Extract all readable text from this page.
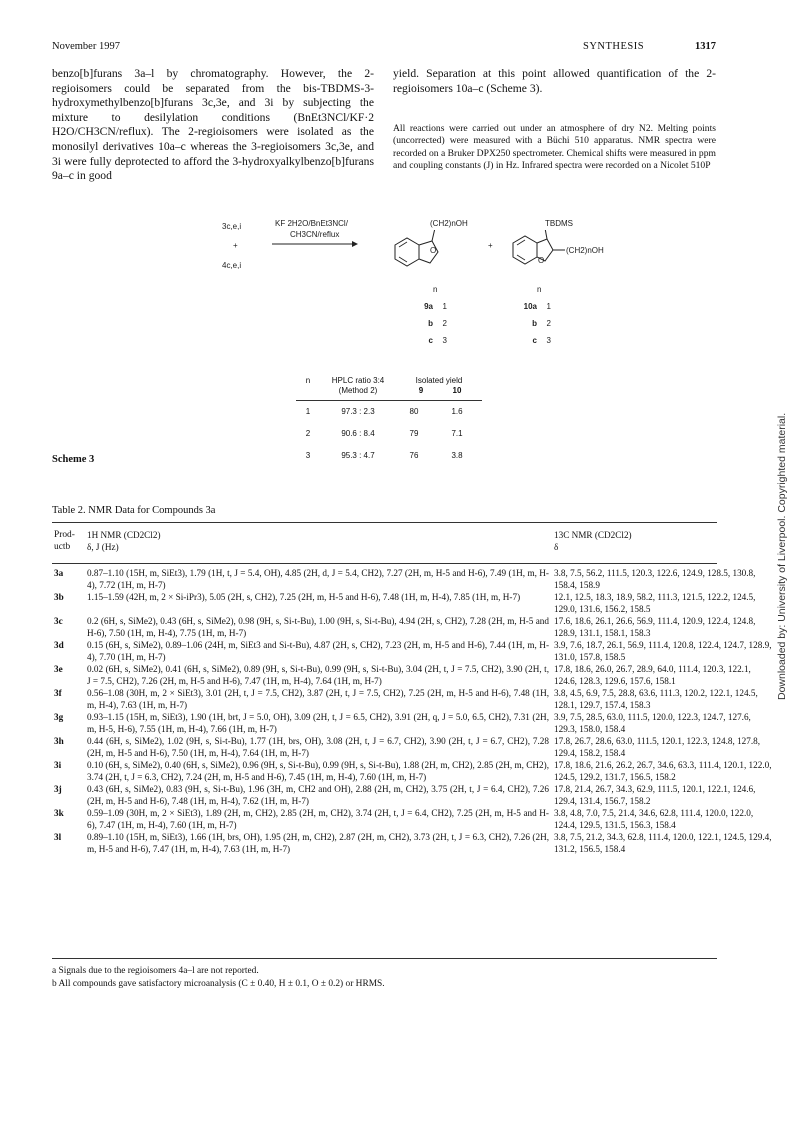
November 1997	SYNTHESIS	1317

benzo[b]furans 3a–l by chromatography. However, the 2-regioisomers could be separated from the bis-TBDMS-3-hydroxymethylbenzo[b]furans 3c,3e, and 3i by subjecting the mixture to desilylation conditions (BnEt3NCl/KF·2 H2O/CH3CN/reflux). The 2-regioisomers were isolated as the monosilyl derivatives 10a–c whereas the 3-regioisomers 3c,3e, and 3i were fully deprotected to afford the 3-hydroxyalkylbenzo[b]furans 9a–c in good

yield. Separation at this point allowed quantification of the 2-regioisomers 10a–c (Scheme 3).

All reactions were carried out under an atmosphere of dry N2. Melting points (uncorrected) were measured with a Büchi 510 apparatus. NMR spectra were recorded on a Bruker DPX250 spectrometer. Chemical shifts were measured in ppm and coupling constants (J) in Hz. Infrared spectra were recorded on a Nicolet 510P
3c,e,i
+
4c,e,i
KF 2H2O/BnEt3NCl/
CH3CN/reflux
O
(CH2)nOH
+
TBDMS
O
(CH2)nOH
n
9a 1
b 2
c 3
n
10a 1
b 2
c 3
n	HPLC ratio 3:4
(Method 2)	Isolated yield
9 10	

1	97.3 : 2.3	80	1.6
2	90.6 : 8.4	79	7.1
3	95.3 : 4.7	76	3.8
Scheme 3
Table 2. NMR Data for Compounds 3a
Prod-uctb	1H NMR (CD2Cl2)
δ, J (Hz)	13C NMR (CD2Cl2)
δ
3a	0.87–1.10 (15H, m, SiEt3), 1.79 (1H, t, J = 5.4, OH), 4.85 (2H, d, J = 5.4, CH2), 7.27 (2H, m, H-5 and H-6), 7.49 (1H, m, H-4), 7.72 (1H, m, H-7)	3.8, 7.5, 56.2, 111.5, 120.3, 122.6, 124.9, 128.5, 130.8, 158.4, 158.9
3b	1.15–1.59 (42H, m, 2 × Si-iPr3), 5.05 (2H, s, CH2), 7.25 (2H, m, H-5 and H-6), 7.48 (1H, m, H-4), 7.85 (1H, m, H-7)	12.1, 12.5, 18.3, 18.9, 58.2, 111.3, 121.5, 122.2, 124.5, 129.0, 131.6, 156.2, 158.5
3c	0.2 (6H, s, SiMe2), 0.43 (6H, s, SiMe2), 0.98 (9H, s, Si-t-Bu), 1.00 (9H, s, Si-t-Bu), 4.94 (2H, s, CH2), 7.28 (2H, m, H-5 and H-6), 7.50 (1H, m, H-4), 7.75 (1H, m, H-7)	17.6, 18.6, 26.1, 26.6, 56.9, 111.4, 120.9, 122.4, 124.8, 128.9, 131.1, 158.1, 158.3
3d	0.15 (6H, s, SiMe2), 0.89–1.06 (24H, m, SiEt3 and Si-t-Bu), 4.87 (2H, s, CH2), 7.23 (2H, m, H-5 and H-6), 7.44 (1H, m, H-4), 7.70 (1H, m, H-7)	3.9, 7.6, 18.7, 26.1, 56.9, 111.4, 120.8, 122.4, 124.7, 128.9, 131.0, 157.8, 158.5
3e	0.02 (6H, s, SiMe2), 0.41 (6H, s, SiMe2), 0.89 (9H, s, Si-t-Bu), 0.99 (9H, s, Si-t-Bu), 3.04 (2H, t, J = 7.5, CH2), 3.90 (2H, t, J = 7.5, CH2), 7.26 (2H, m, H-5 and H-6), 7.47 (1H, m, H-4), 7.64 (1H, m, H-7)	17.8, 18.6, 26.0, 26.7, 28.9, 64.0, 111.4, 120.3, 122.1, 124.6, 128.3, 129.6, 157.6, 158.1
3f	0.56–1.08 (30H, m, 2 × SiEt3), 3.01 (2H, t, J = 7.5, CH2), 3.87 (2H, t, J = 7.5, CH2), 7.25 (2H, m, H-5 and H-6), 7.48 (1H, m, H-4), 7.63 (1H, m, H-7)	3.8, 4.5, 6.9, 7.5, 28.8, 63.6, 111.3, 120.2, 122.1, 124.5, 128.1, 129.7, 157.4, 158.3
3g	0.93–1.15 (15H, m, SiEt3), 1.90 (1H, brt, J = 5.0, OH), 3.09 (2H, t, J = 6.5, CH2), 3.91 (2H, q, J = 5.0, 6.5, CH2), 7.31 (2H, m, H-5, H-6), 7.55 (1H, m, H-4), 7.66 (1H, m, H-7)	3.9, 7.5, 28.5, 63.0, 111.5, 120.0, 122.3, 124.7, 127.6, 129.3, 158.0, 158.4
3h	0.44 (6H, s, SiMe2), 1.02 (9H, s, Si-t-Bu), 1.77 (1H, brs, OH), 3.08 (2H, t, J = 6.7, CH2), 3.90 (2H, t, J = 6.7, CH2), 7.28 (2H, m, H-5 and H-6), 7.50 (1H, m, H-4), 7.64 (1H, m, H-7)	17.8, 26.7, 28.6, 63.0, 111.5, 120.1, 122.3, 124.8, 127.8, 129.4, 158.2, 158.4
3i	0.10 (6H, s, SiMe2), 0.40 (6H, s, SiMe2), 0.96 (9H, s, Si-t-Bu), 0.99 (9H, s, Si-t-Bu), 1.88 (2H, m, CH2), 2.85 (2H, m, CH2), 3.74 (2H, t, J = 6.3, CH2), 7.24 (2H, m, H-5 and H-6), 7.45 (1H, m, H-4), 7.60 (1H, m, H-7)	17.8, 18.6, 21.6, 26.2, 26.7, 34.6, 63.3, 111.4, 120.1, 122.0, 124.5, 129.2, 131.7, 156.5, 158.2
3j	0.43 (6H, s, SiMe2), 0.83 (9H, s, Si-t-Bu), 1.96 (3H, m, CH2 and OH), 2.88 (2H, m, CH2), 3.75 (2H, t, J = 6.4, CH2), 7.26 (2H, m, H-5 and H-6), 7.48 (1H, m, H-4), 7.62 (1H, m, H-7)	17.8, 21.4, 26.7, 34.3, 62.9, 111.5, 120.1, 122.1, 124.6, 129.4, 131.4, 156.7, 158.2
3k	0.59–1.09 (30H, m, 2 × SiEt3), 1.89 (2H, m, CH2), 2.85 (2H, m, CH2), 3.74 (2H, t, J = 6.4, CH2), 7.25 (2H, m, H-5 and H-6), 7.47 (1H, m, H-4), 7.60 (1H, m, H-7)	3.8, 4.8, 7.0, 7.5, 21.4, 34.6, 62.8, 111.4, 120.0, 122.0, 124.4, 129.5, 131.5, 156.3, 158.4
3l	0.89–1.10 (15H, m, SiEt3), 1.66 (1H, brs, OH), 1.95 (2H, m, CH2), 2.87 (2H, m, CH2), 3.73 (2H, t, J = 6.3, CH2), 7.26 (2H, m, H-5 and H-6), 7.47 (1H, m, H-4), 7.63 (1H, m, H-7)	3.8, 7.5, 21.2, 34.3, 62.8, 111.4, 120.0, 122.1, 124.5, 129.4, 131.2, 156.5, 158.4
a Signals due to the regioisomers 4a–l are not reported.
b All compounds gave satisfactory microanalysis (C ± 0.40, H ± 0.1, O ± 0.2) or HRMS.
Downloaded by: University of Liverpool. Copyrighted material.
